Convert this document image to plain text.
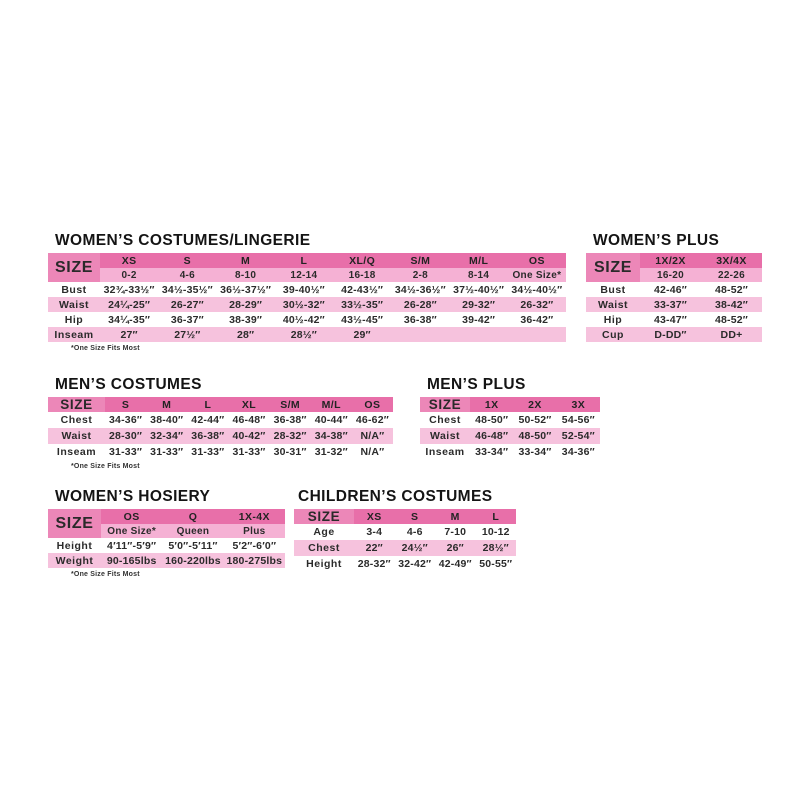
WOMEN’S COSTUMES/LINGERIE
SIZE	XS	S	M	L	XL/Q	S/M	M/L	OS
	0-2	4-6	8-10	12-14	16-18	2-8	8-14	One Size*
Bust	32¾-33½″	34½-35½″	36½-37½″	39-40½″	42-43½″	34½-36½″	37½-40½″	34½-40½″
Waist	24¼-25″	26-27″	28-29″	30½-32″	33½-35″	26-28″	29-32″	26-32″
Hip	34¼-35″	36-37″	38-39″	40½-42″	43½-45″	36-38″	39-42″	36-42″
Inseam	27″	27½″	28″	28½″	29″			
*One Size Fits Most
WOMEN’S PLUS
SIZE	1X/2X	3X/4X
	16-20	22-26
Bust	42-46″	48-52″
Waist	33-37″	38-42″
Hip	43-47″	48-52″
Cup	D-DD″	DD+
MEN’S COSTUMES
SIZE	S	M	L	XL	S/M	M/L	OS
Chest	34-36″	38-40″	42-44″	46-48″	36-38″	40-44″	46-62″
Waist	28-30″	32-34″	36-38″	40-42″	28-32″	34-38″	N/A″
Inseam	31-33″	31-33″	31-33″	31-33″	30-31″	31-32″	N/A″
*One Size Fits Most
MEN’S PLUS
SIZE	1X	2X	3X
Chest	48-50″	50-52″	54-56″
Waist	46-48″	48-50″	52-54″
Inseam	33-34″	33-34″	34-36″
WOMEN’S HOSIERY
SIZE	OS	Q	1X-4X
	One Size*	Queen	Plus
Height	4′11″-5′9″	5′0″-5′11″	5′2″-6′0″
Weight	90-165lbs	160-220lbs	180-275lbs
*One Size Fits Most
CHILDREN’S COSTUMES
SIZE	XS	S	M	L
Age	3-4	4-6	7-10	10-12
Chest	22″	24½″	26″	28½″
Height	28-32″	32-42″	42-49″	50-55″
